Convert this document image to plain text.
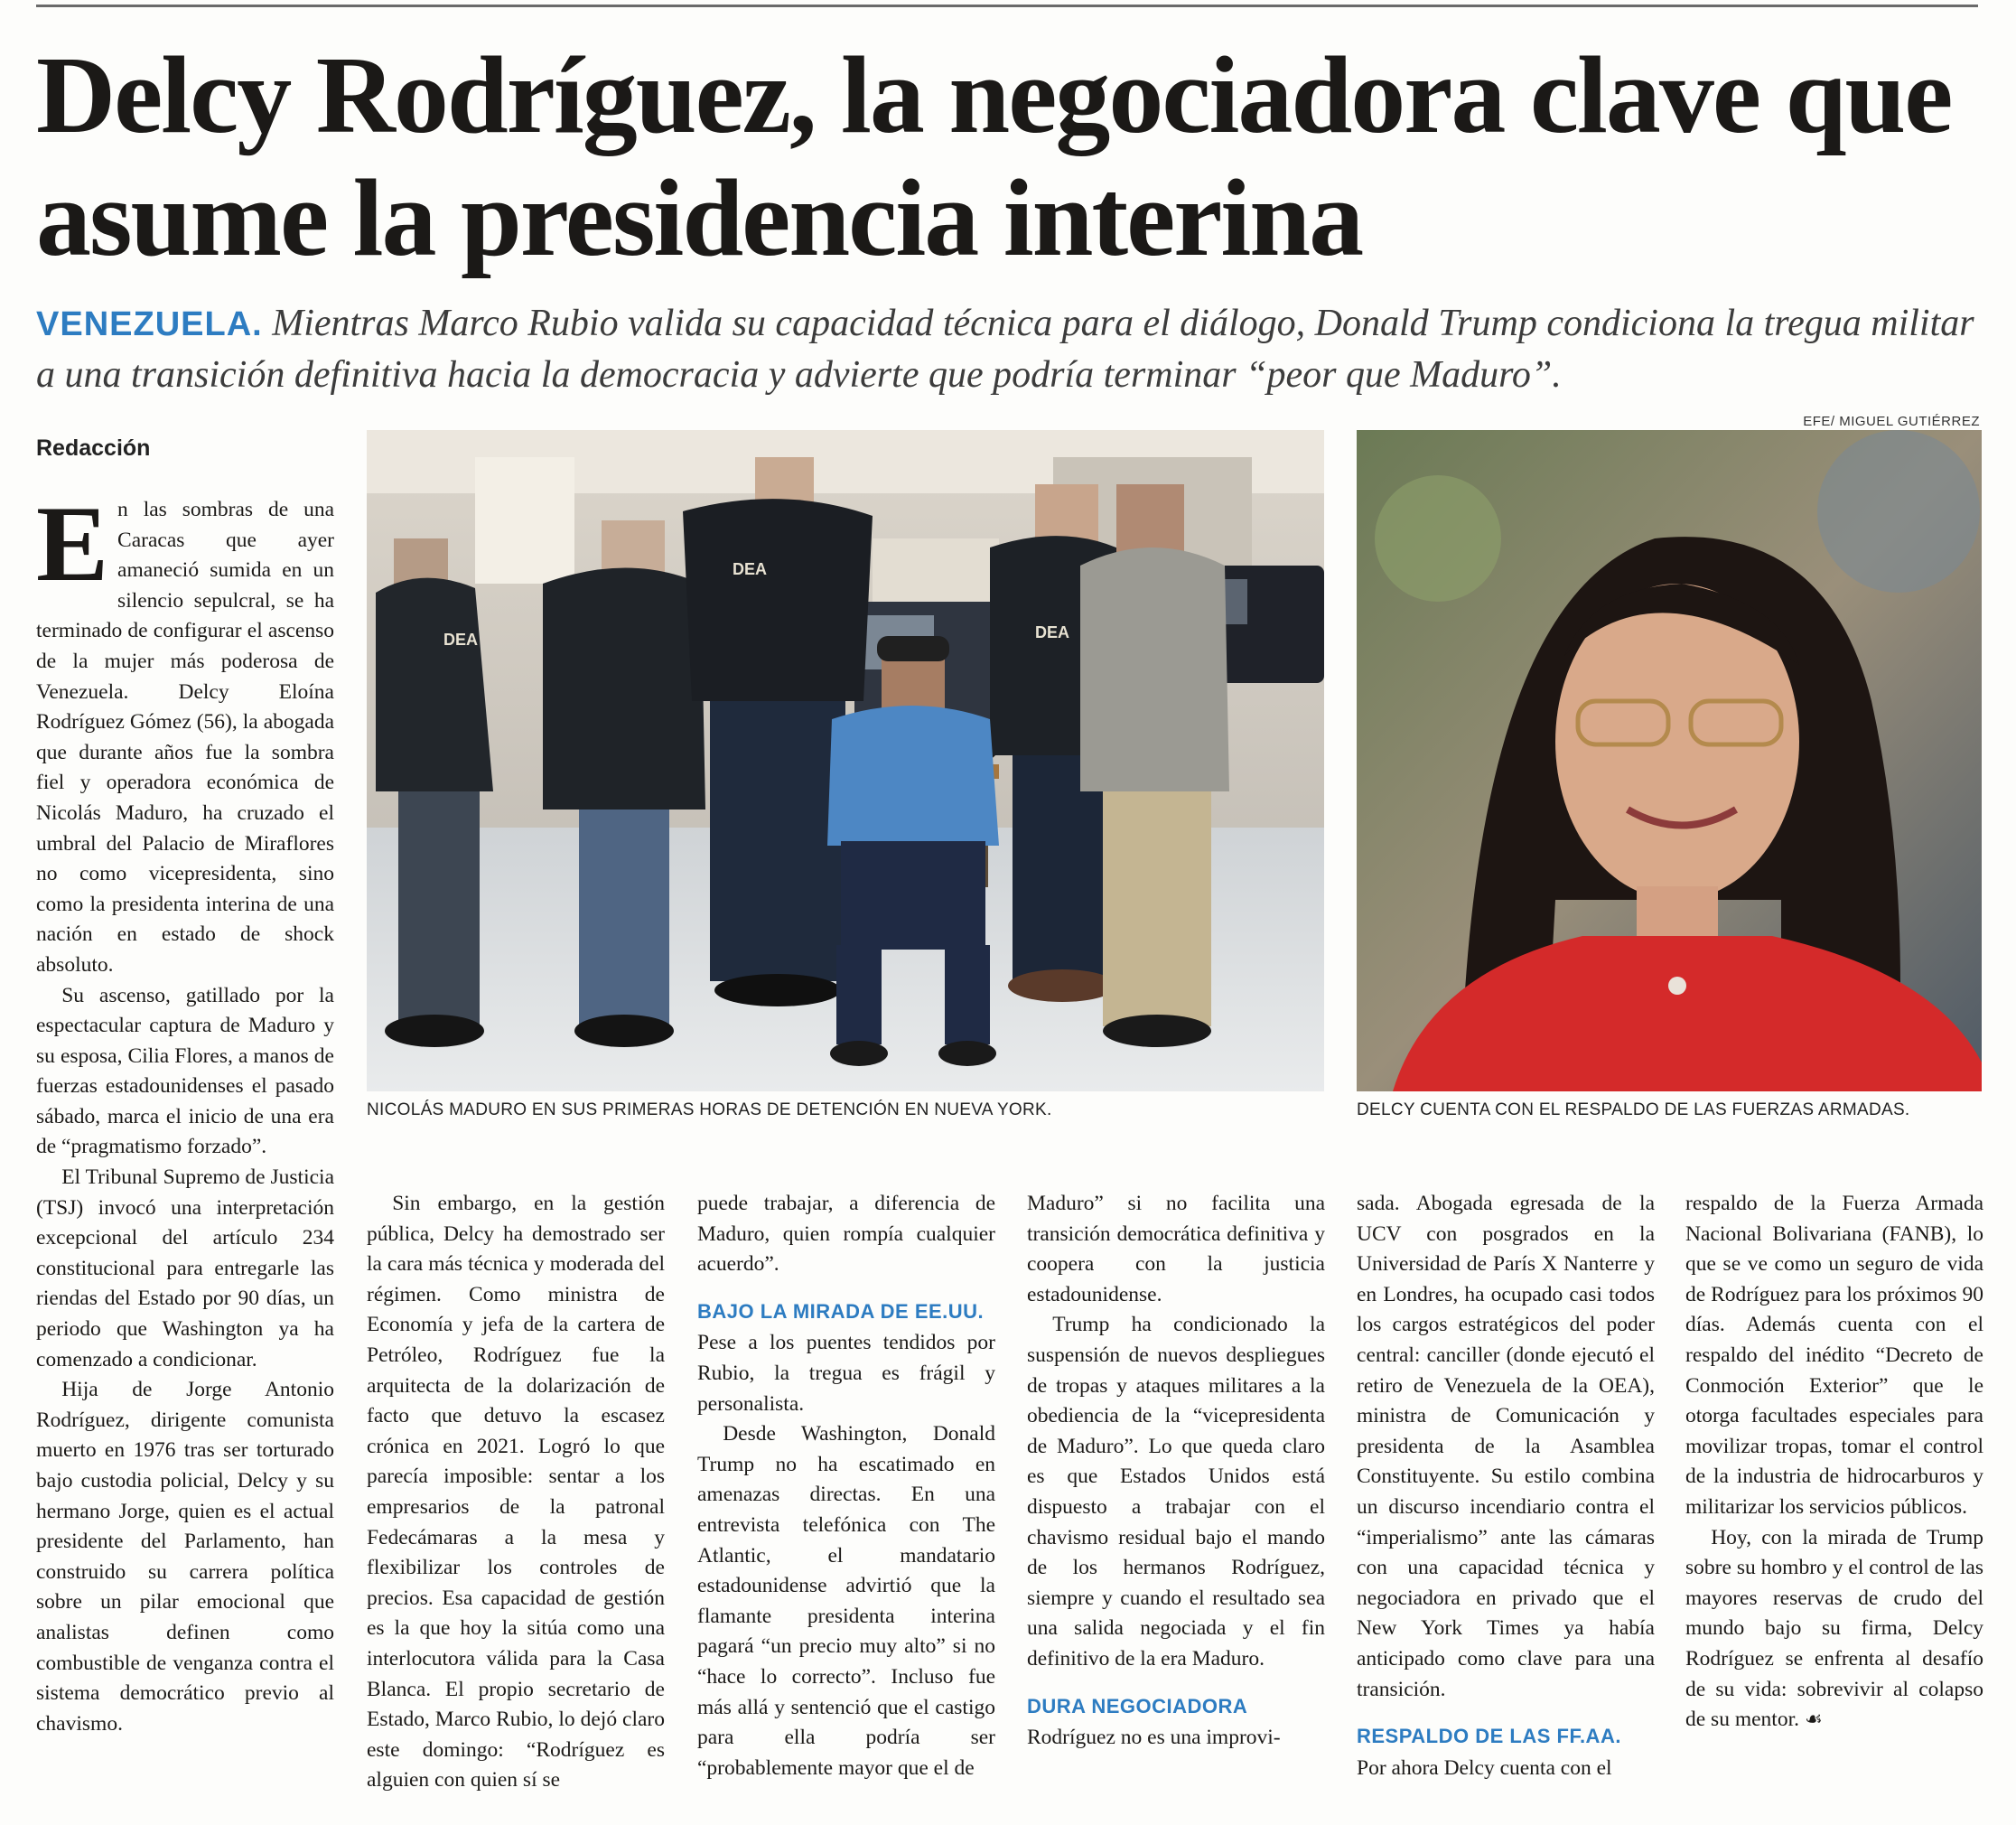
Delcy Rodríguez, la negociadora clave que asume la presidencia interina

VENEZUELA. Mientras Marco Rubio valida su capacidad técnica para el diálogo, Donald Trump condiciona la tregua militar a una transición definitiva hacia la democracia y advierte que podría terminar “peor que Maduro”.

Redacción

EFE/ MIGUEL GUTIÉRREZ

DEA
DEA
DEA

NICOLÁS MADURO EN SUS PRIMERAS HORAS DE DETENCIÓN EN NUEVA YORK.	DELCY CUENTA CON EL RESPALDO DE LAS FUERZAS ARMADAS.

En las sombras de una Caracas que ayer amaneció sumida en un silencio sepulcral, se ha terminado de configurar el ascenso de la mujer más poderosa de Venezuela. Delcy Eloína Rodríguez Gómez (56), la abogada que durante años fue la sombra fiel y operadora económica de Nicolás Maduro, ha cruzado el umbral del Palacio de Miraflores no como vicepresidenta, sino como la presidenta interina de una nación en estado de shock absoluto.

Su ascenso, gatillado por la espectacular captura de Maduro y su esposa, Cilia Flores, a manos de fuerzas estadounidenses el pasado sábado, marca el inicio de una era de “pragmatismo forzado”.

El Tribunal Supremo de Justicia (TSJ) invocó una interpretación excepcional del artículo 234 constitucional para entregarle las riendas del Estado por 90 días, un periodo que Washington ya ha comenzado a condicionar.

Hija de Jorge Antonio Rodríguez, dirigente comunista muerto en 1976 tras ser torturado bajo custodia policial, Delcy y su hermano Jorge, quien es el actual presidente del Parlamento, han construido su carrera política sobre un pilar emocional que analistas definen como combustible de venganza contra el sistema democrático previo al chavismo.

Sin embargo, en la gestión pública, Delcy ha demostrado ser la cara más técnica y moderada del régimen. Como ministra de Economía y jefa de la cartera de Petróleo, Rodríguez fue la arquitecta de la dolarización de facto que detuvo la escasez crónica en 2021. Logró lo que parecía imposible: sentar a los empresarios de la patronal Fedecámaras a la mesa y flexibilizar los controles de precios. Esa capacidad de gestión es la que hoy la sitúa como una interlocutora válida para la Casa Blanca. El propio secretario de Estado, Marco Rubio, lo dejó claro este domingo: “Rodríguez es alguien con quien sí se

puede trabajar, a diferencia de Maduro, quien rompía cualquier acuerdo”.

BAJO LA MIRADA DE EE.UU.

Pese a los puentes tendidos por Rubio, la tregua es frágil y personalista.

Desde Washington, Donald Trump no ha escatimado en amenazas directas. En una entrevista telefónica con The Atlantic, el mandatario estadounidense advirtió que la flamante presidenta interina pagará “un precio muy alto” si no “hace lo correcto”. Incluso fue más allá y sentenció que el castigo para ella podría ser “probablemente mayor que el de

Maduro” si no facilita una transición democrática definitiva y coopera con la justicia estadounidense.

Trump ha condicionado la suspensión de nuevos despliegues de tropas y ataques militares a la obediencia de la “vicepresidenta de Maduro”. Lo que queda claro es que Estados Unidos está dispuesto a trabajar con el chavismo residual bajo el mando de los hermanos Rodríguez, siempre y cuando el resultado sea una salida negociada y el fin definitivo de la era Maduro.

DURA NEGOCIADORA

Rodríguez no es una improvi-

sada. Abogada egresada de la UCV con posgrados en la Universidad de París X Nanterre y en Londres, ha ocupado casi todos los cargos estratégicos del poder central: canciller (donde ejecutó el retiro de Venezuela de la OEA), ministra de Comunicación y presidenta de la Asamblea Constituyente. Su estilo combina un discurso incendiario contra el “imperialismo” ante las cámaras con una capacidad técnica y negociadora en privado que el New York Times ya había anticipado como clave para una transición.

RESPALDO DE LAS FF.AA.

Por ahora Delcy cuenta con el

respaldo de la Fuerza Armada Nacional Bolivariana (FANB), lo que se ve como un seguro de vida de Rodríguez para los próximos 90 días. Además cuenta con el respaldo del inédito “Decreto de Conmoción Exterior” que le otorga facultades especiales para movilizar tropas, tomar el control de la industria de hidrocarburos y militarizar los servicios públicos.

Hoy, con la mirada de Trump sobre su hombro y el control de las mayores reservas de crudo del mundo bajo su firma, Delcy Rodríguez se enfrenta al desafío de su vida: sobrevivir al colapso de su mentor. ☙
